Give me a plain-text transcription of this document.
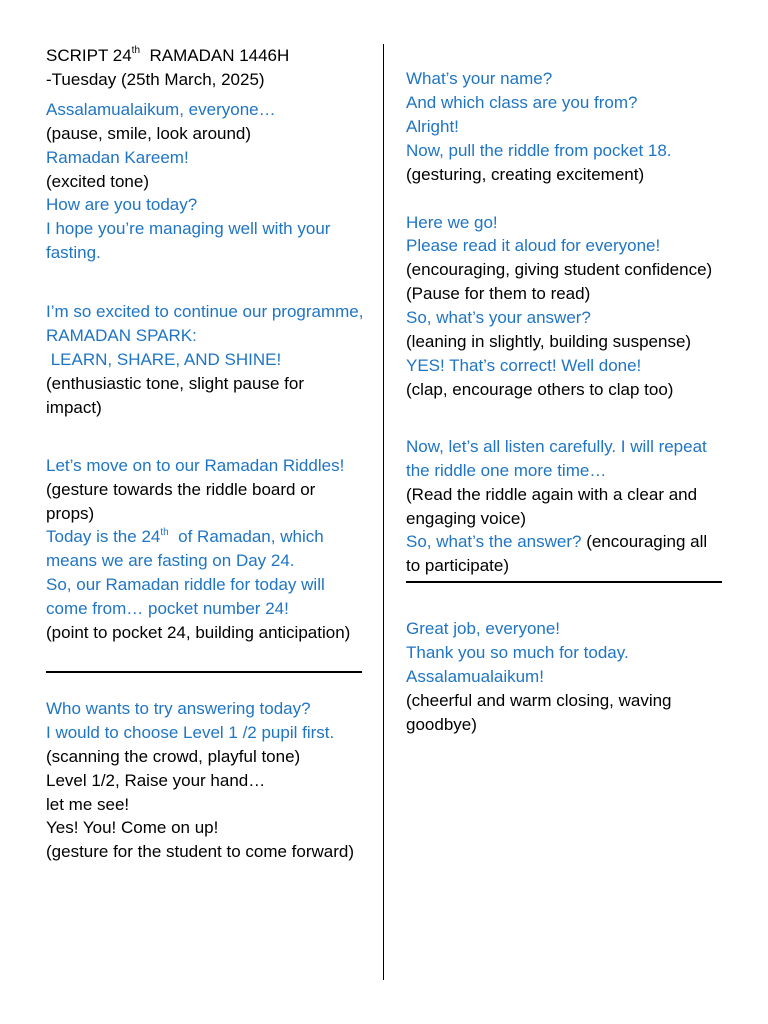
SCRIPT 24th  RAMADAN 1446H

-Tuesday (25th March, 2025)

Assalamualaikum, everyone…

(pause, smile, look around)

Ramadan Kareem!

(excited tone)

How are you today?

I hope you’re managing well with your fasting.

I’m so excited to continue our programme,

RAMADAN SPARK:

LEARN, SHARE, AND SHINE!

(enthusiastic tone, slight pause for impact)

Let’s move on to our Ramadan Riddles!

(gesture towards the riddle board or props)

Today is the 24th  of Ramadan, which means we are fasting on Day 24.

So, our Ramadan riddle for today will come from… pocket number 24!

(point to pocket 24, building anticipation)

Who wants to try answering today?

I would to choose Level 1 /2 pupil first.

(scanning the crowd, playful tone)

Level 1/2, Raise your hand…

let me see!

Yes! You! Come on up!

(gesture for the student to come forward)

What’s your name?

And which class are you from?

Alright!

Now, pull the riddle from pocket 18.

(gesturing, creating excitement)

Here we go!

Please read it aloud for everyone!

(encouraging, giving student confidence)

(Pause for them to read)

So, what’s your answer?

(leaning in slightly, building suspense)

YES! That’s correct! Well done!

(clap, encourage others to clap too)

Now, let’s all listen carefully. I will repeat the riddle one more time…

(Read the riddle again with a clear and engaging voice)

So, what’s the answer? (encouraging all to participate)

Great job, everyone!

Thank you so much for today.

Assalamualaikum!

(cheerful and warm closing, waving goodbye)
